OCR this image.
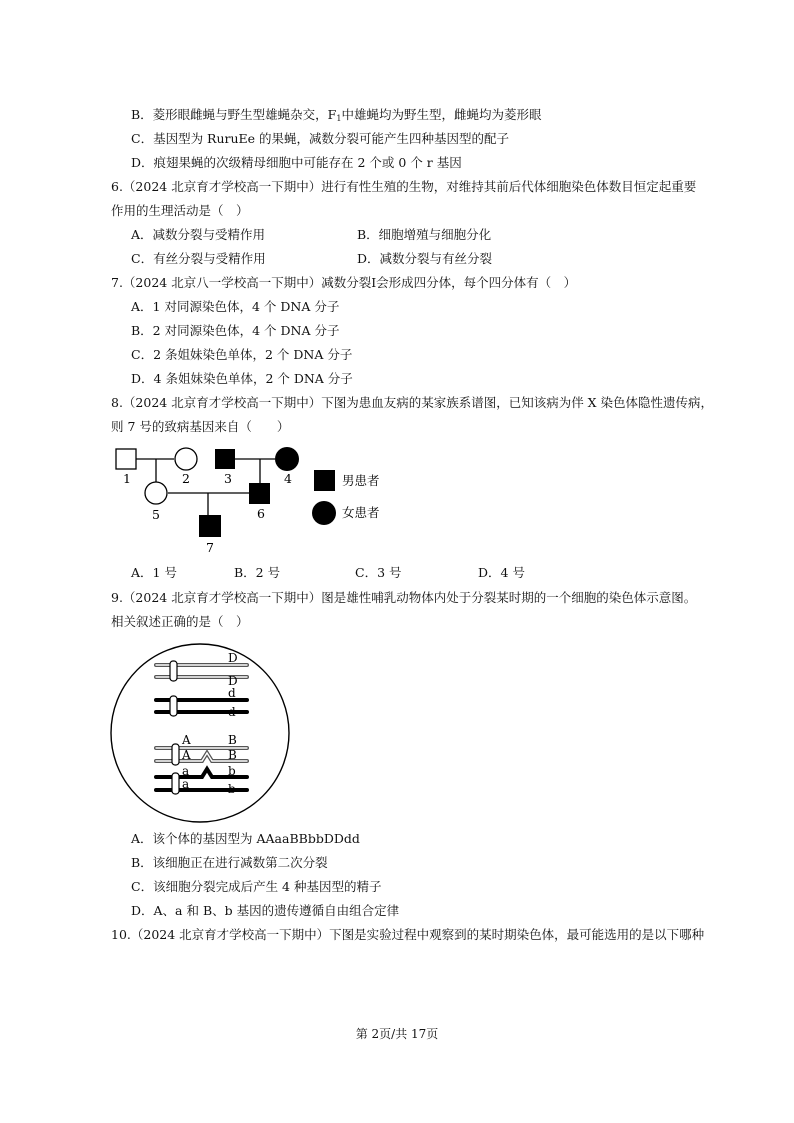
B．菱形眼雌蝇与野生型雄蝇杂交，$F_1$中雄蝇均为野生型，雌蝇均为菱形眼
C．基因型为 RuruEe 的果蝇，减数分裂可能产生四种基因型的配子
D．痕翅果蝇的次级精母细胞中可能存在 2 个或 0 个 r 基因
6.（2024 北京育才学校高一下期中）进行有性生殖的生物，对维持其前后代体细胞染色体数目恒定起重要
作用的生理活动是（　）
A．减数分裂与受精作用	B．细胞增殖与细胞分化
C．有丝分裂与受精作用	D．减数分裂与有丝分裂
7.（2024 北京八一学校高一下期中）减数分裂Ⅰ会形成四分体，每个四分体有（　）
A．1 对同源染色体，4 个 DNA 分子
B．2 对同源染色体，4 个 DNA 分子
C．2 条姐妹染色单体，2 个 DNA 分子
D．4 条姐妹染色单体，2 个 DNA 分子
8.（2024 北京育才学校高一下期中）下图为患血友病的某家族系谱图，已知该病为伴 X 染色体隐性遗传病，
则 7 号的致病基因来自（　　）
1	2	3	4
5	6
7
男患者
女患者
A．1 号	B．2 号	C．3 号	D．4 号
9.（2024 北京育才学校高一下期中）图是雄性哺乳动物体内处于分裂某时期的一个细胞的染色体示意图。
相关叙述正确的是（　）
D
D
d
d
A
A
a
a
B
B
b
b
A．该个体的基因型为 AAaaBBbbDDdd
B．该细胞正在进行减数第二次分裂
C．该细胞分裂完成后产生 4 种基因型的精子
D．A、a 和 B、b 基因的遗传遵循自由组合定律
10.（2024 北京育才学校高一下期中）下图是实验过程中观察到的某时期染色体，最可能选用的是以下哪种
第 2页/共 17页
